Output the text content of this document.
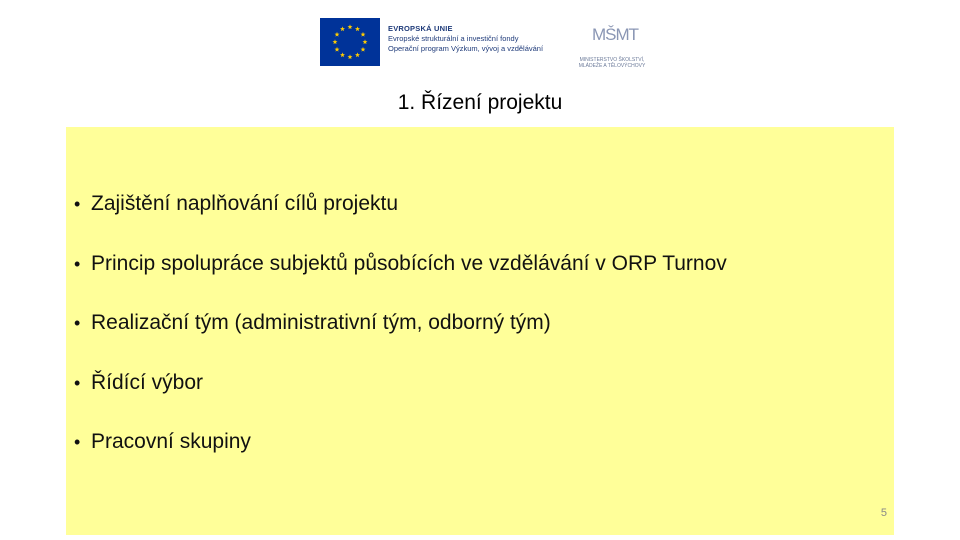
EVROPSKÁ UNIE
Evropské strukturální a investiční fondy
Operační program Výzkum, vývoj a vzdělávání
MŠMT
MINISTERSTVO ŠKOLSTVÍ,
MLÁDEŽE A TĚLOVÝCHOVY
1. Řízení projektu
• Zajištění naplňování cílů projektu
• Princip spolupráce subjektů působících ve vzdělávání v ORP Turnov
• Realizační tým (administrativní tým, odborný tým)
• Řídící výbor
• Pracovní skupiny
5
